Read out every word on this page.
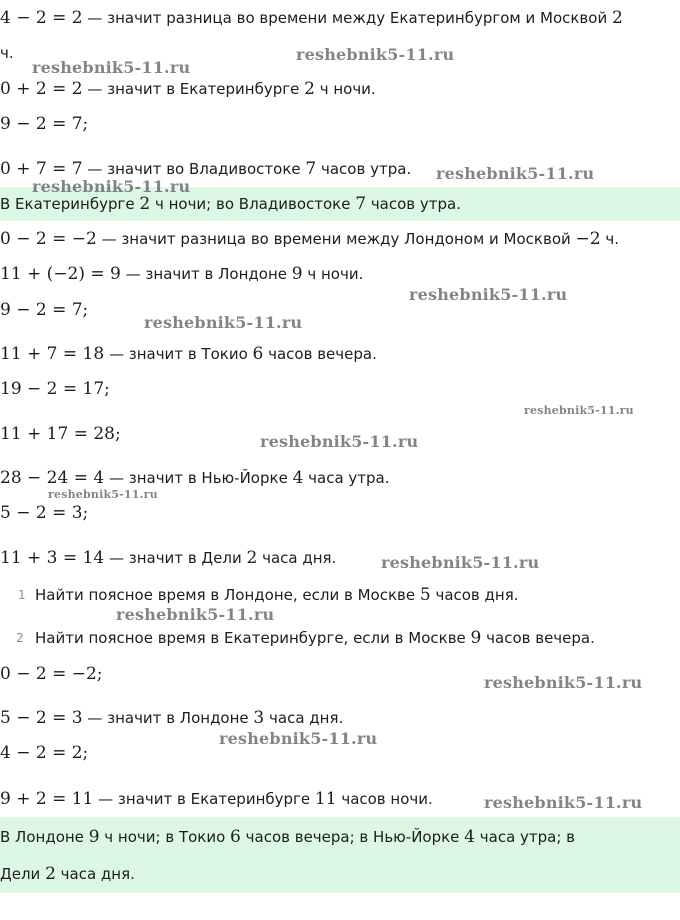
4 − 2 = 2 — значит разница во времени между Екатеринбургом и Москвой 2
ч.
0 + 2 = 2 — значит в Екатеринбурге 2 ч ночи.
9 − 2 = 7;
0 + 7 = 7 — значит во Владивостоке 7 часов утра.
В Екатеринбурге 2 ч ночи; во Владивостоке 7 часов утра.
0 − 2 = −2 — значит разница во времени между Лондоном и Москвой −2 ч.
11 + (−2) = 9 — значит в Лондоне 9 ч ночи.
9 − 2 = 7;
11 + 7 = 18 — значит в Токио 6 часов вечера.
19 − 2 = 17;
11 + 17 = 28;
28 − 24 = 4 — значит в Нью-Йорке 4 часа утра.
5 − 2 = 3;
11 + 3 = 14 — значит в Дели 2 часа дня.
1 Найти поясное время в Лондоне, если в Москве 5 часов дня.
2 Найти поясное время в Екатеринбурге, если в Москве 9 часов вечера.
0 − 2 = −2;
5 − 2 = 3 — значит в Лондоне 3 часа дня.
4 − 2 = 2;
9 + 2 = 11 — значит в Екатеринбурге 11 часов ночи.
В Лондоне 9 ч ночи; в Токио 6 часов вечера; в Нью-Йорке 4 часа утра; в
Дели 2 часа дня.
reshebnik5-11.ru
reshebnik5-11.ru
reshebnik5-11.ru
reshebnik5-11.ru
reshebnik5-11.ru
reshebnik5-11.ru
reshebnik5-11.ru
reshebnik5-11.ru
reshebnik5-11.ru
reshebnik5-11.ru
reshebnik5-11.ru
reshebnik5-11.ru
reshebnik5-11.ru
reshebnik5-11.ru
